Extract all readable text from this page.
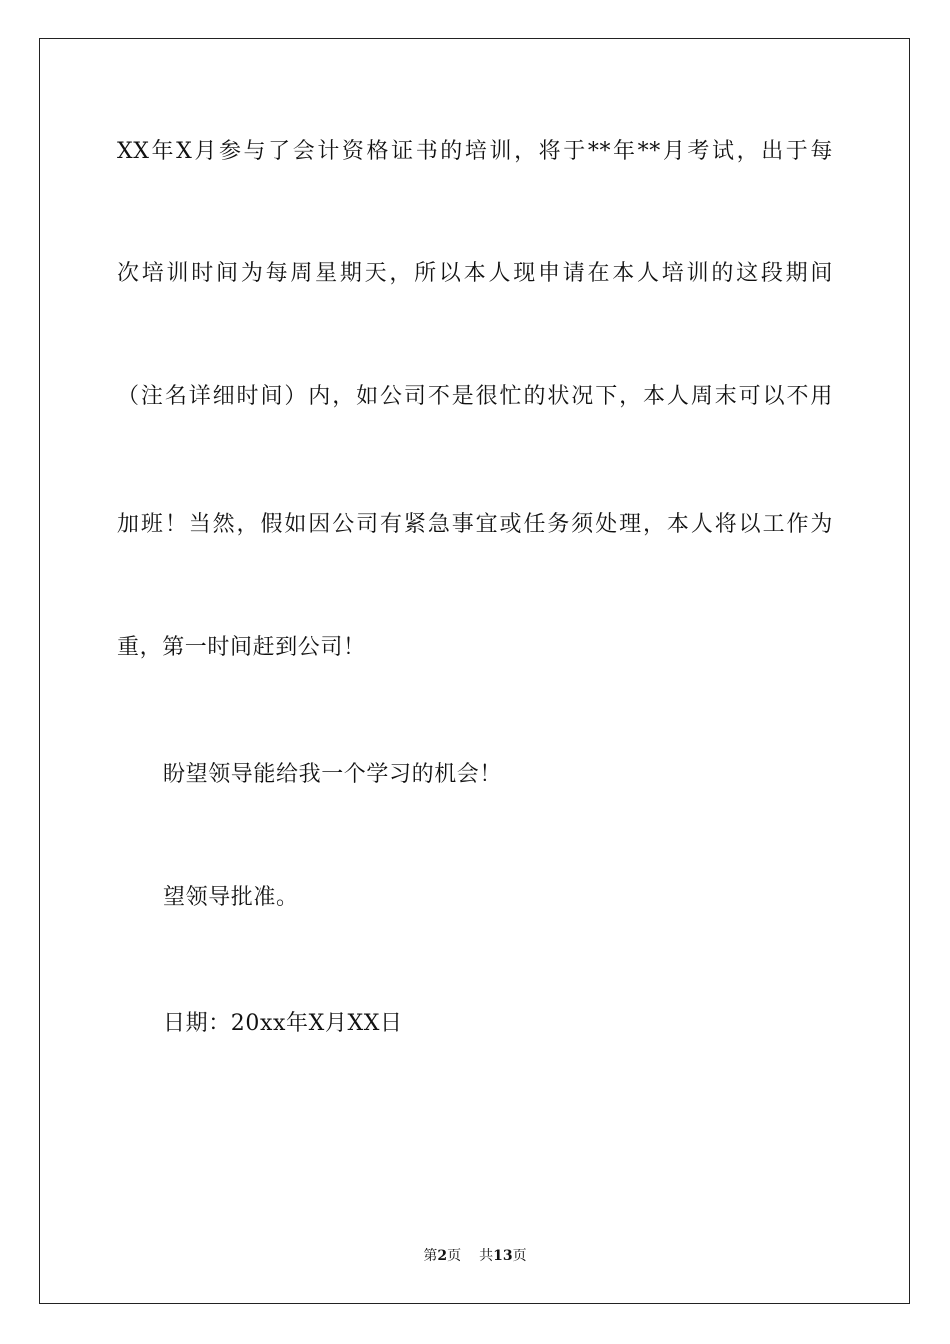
XX年X月参与了会计资格证书的培训，将于**年**月考试，出于每
次培训时间为每周星期天，所以本人现申请在本人培训的这段期间
（注名详细时间）内，如公司不是很忙的状况下，本人周末可以不用
加班！当然，假如因公司有紧急事宜或任务须处理，本人将以工作为
重，第一时间赶到公司！
盼望领导能给我一个学习的机会！
望领导批准。
日期：20xx年X月XX日
第2页 共13页
